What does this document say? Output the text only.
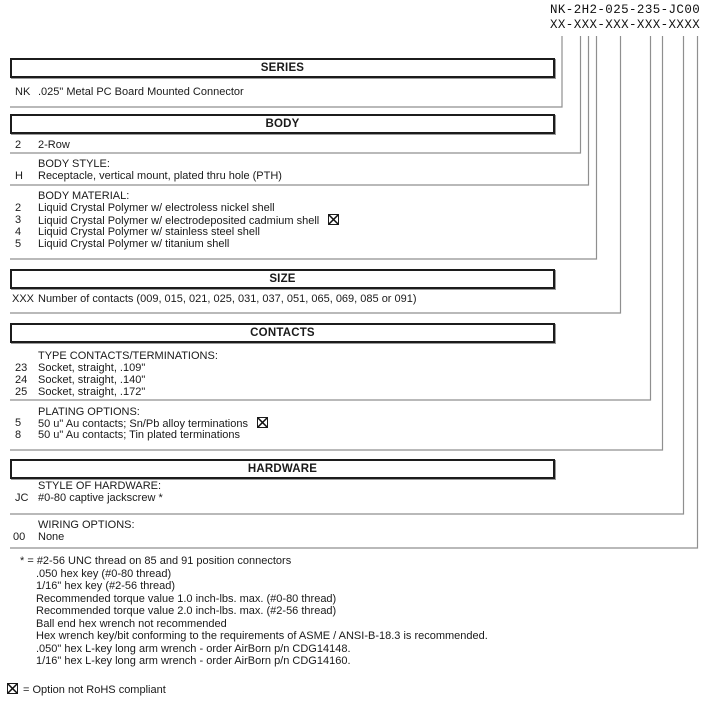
NK-2H2-025-235-JC00
XX-XXX-XXX-XXX-XXXX
SERIES
NK .025" Metal PC Board Mounted Connector
BODY
2 2-Row
BODY STYLE:
H Receptacle, vertical mount, plated thru hole (PTH)
BODY MATERIAL:
2 Liquid Crystal Polymer w/ electroless nickel shell
3 Liquid Crystal Polymer w/ electrodeposited cadmium shell
4 Liquid Crystal Polymer w/ stainless steel shell
5 Liquid Crystal Polymer w/ titanium shell
SIZE
XXX Number of contacts (009, 015, 021, 025, 031, 037, 051, 065, 069, 085 or 091)
CONTACTS
TYPE CONTACTS/TERMINATIONS:
23 Socket, straight, .109"
24 Socket, straight, .140"
25 Socket, straight, .172"
PLATING OPTIONS:
5 50 u" Au contacts; Sn/Pb alloy terminations
8 50 u" Au contacts; Tin plated terminations
HARDWARE
STYLE OF HARDWARE:
JC #0-80 captive jackscrew *
WIRING OPTIONS:
00 None
* = #2-56 UNC thread on 85 and 91 position connectors
.050 hex key (#0-80 thread)
1/16" hex key (#2-56 thread)
Recommended torque value 1.0 inch-lbs. max. (#0-80 thread)
Recommended torque value 2.0 inch-lbs. max. (#2-56 thread)
Ball end hex wrench not recommended
Hex wrench key/bit conforming to the requirements of ASME / ANSI-B-18.3 is recommended.
.050" hex L-key long arm wrench - order AirBorn p/n CDG14148.
1/16" hex L-key long arm wrench - order AirBorn p/n CDG14160.
= Option not RoHS compliant
